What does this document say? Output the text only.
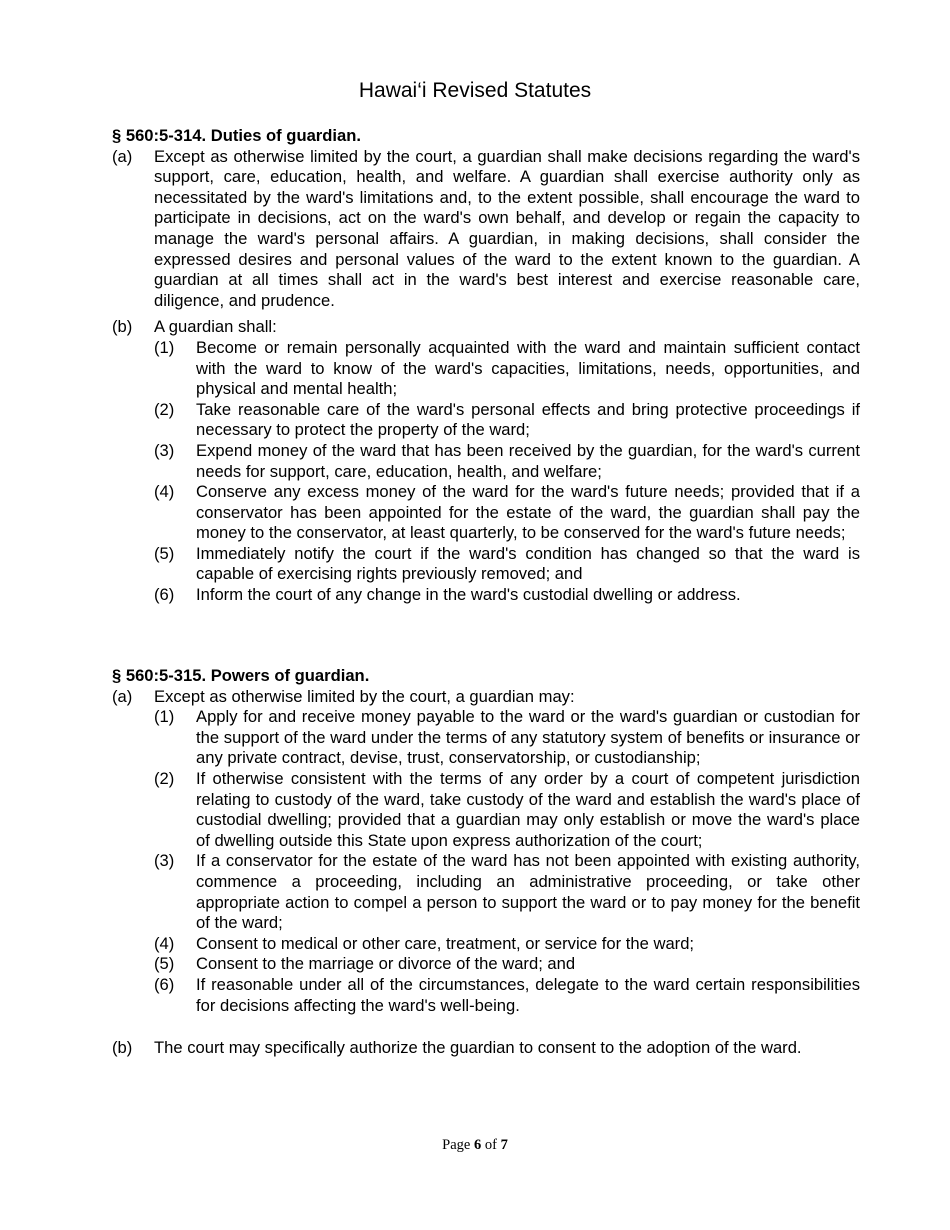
Hawai‘i Revised Statutes
§ 560:5-314. Duties of guardian.
(a) Except as otherwise limited by the court, a guardian shall make decisions regarding the ward's support, care, education, health, and welfare. A guardian shall exercise authority only as necessitated by the ward's limitations and, to the extent possible, shall encourage the ward to participate in decisions, act on the ward's own behalf, and develop or regain the capacity to manage the ward's personal affairs. A guardian, in making decisions, shall consider the expressed desires and personal values of the ward to the extent known to the guardian. A guardian at all times shall act in the ward's best interest and exercise reasonable care, diligence, and prudence.
(b) A guardian shall:
(1) Become or remain personally acquainted with the ward and maintain sufficient contact with the ward to know of the ward's capacities, limitations, needs, opportunities, and physical and mental health;
(2) Take reasonable care of the ward's personal effects and bring protective proceedings if necessary to protect the property of the ward;
(3) Expend money of the ward that has been received by the guardian, for the ward's current needs for support, care, education, health, and welfare;
(4) Conserve any excess money of the ward for the ward's future needs; provided that if a conservator has been appointed for the estate of the ward, the guardian shall pay the money to the conservator, at least quarterly, to be conserved for the ward's future needs;
(5) Immediately notify the court if the ward's condition has changed so that the ward is capable of exercising rights previously removed; and
(6) Inform the court of any change in the ward's custodial dwelling or address.
§ 560:5-315. Powers of guardian.
(a) Except as otherwise limited by the court, a guardian may:
(1) Apply for and receive money payable to the ward or the ward's guardian or custodian for the support of the ward under the terms of any statutory system of benefits or insurance or any private contract, devise, trust, conservatorship, or custodianship;
(2) If otherwise consistent with the terms of any order by a court of competent jurisdiction relating to custody of the ward, take custody of the ward and establish the ward's place of custodial dwelling; provided that a guardian may only establish or move the ward's place of dwelling outside this State upon express authorization of the court;
(3) If a conservator for the estate of the ward has not been appointed with existing authority, commence a proceeding, including an administrative proceeding, or take other appropriate action to compel a person to support the ward or to pay money for the benefit of the ward;
(4) Consent to medical or other care, treatment, or service for the ward;
(5) Consent to the marriage or divorce of the ward; and
(6) If reasonable under all of the circumstances, delegate to the ward certain responsibilities for decisions affecting the ward's well-being.
(b) The court may specifically authorize the guardian to consent to the adoption of the ward.
Page 6 of 7
